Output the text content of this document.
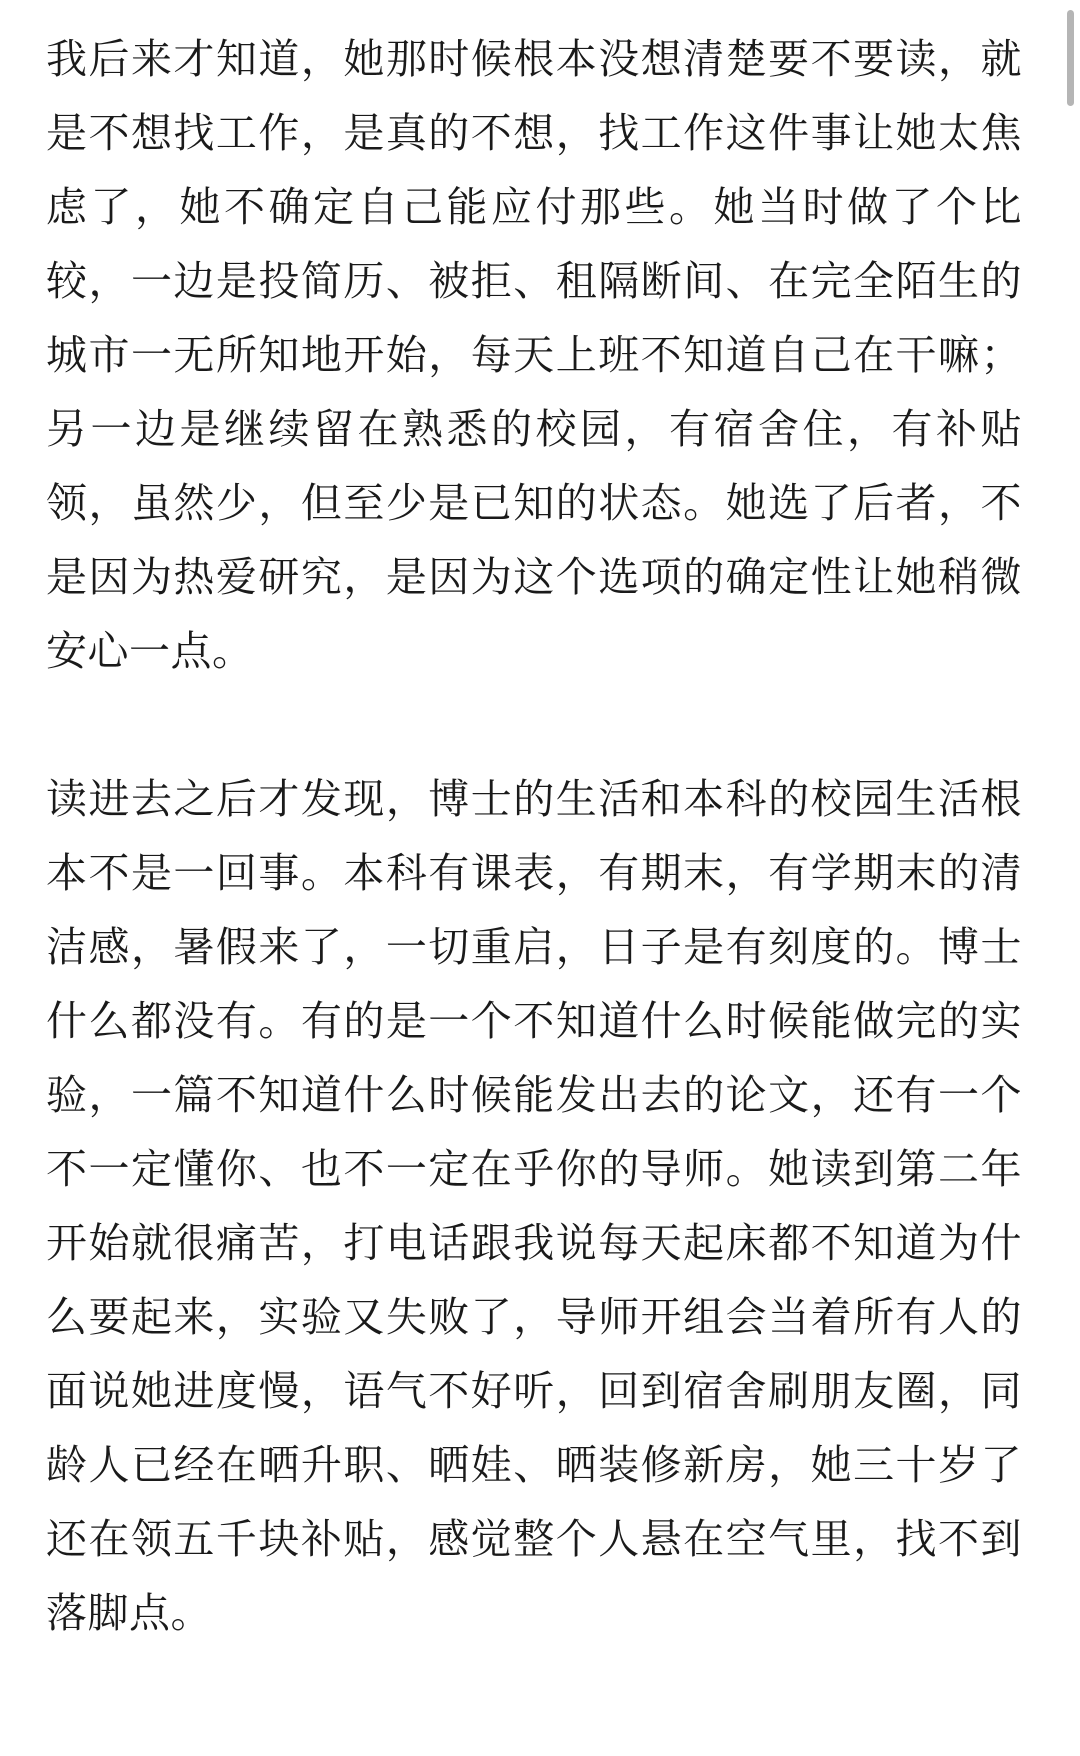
我后来才知道，她那时候根本没想清楚要不要读，就是不想找工作，是真的不想，找工作这件事让她太焦虑了，她不确定自己能应付那些。她当时做了个比较，一边是投简历、被拒、租隔断间、在完全陌生的城市一无所知地开始，每天上班不知道自己在干嘛；另一边是继续留在熟悉的校园，有宿舍住，有补贴领，虽然少，但至少是已知的状态。她选了后者，不是因为热爱研究，是因为这个选项的确定性让她稍微安心一点。

读进去之后才发现，博士的生活和本科的校园生活根本不是一回事。本科有课表，有期末，有学期末的清洁感，暑假来了，一切重启，日子是有刻度的。博士什么都没有。有的是一个不知道什么时候能做完的实验，一篇不知道什么时候能发出去的论文，还有一个不一定懂你、也不一定在乎你的导师。她读到第二年开始就很痛苦，打电话跟我说每天起床都不知道为什么要起来，实验又失败了，导师开组会当着所有人的面说她进度慢，语气不好听，回到宿舍刷朋友圈，同龄人已经在晒升职、晒娃、晒装修新房，她三十岁了还在领五千块补贴，感觉整个人悬在空气里，找不到落脚点。
